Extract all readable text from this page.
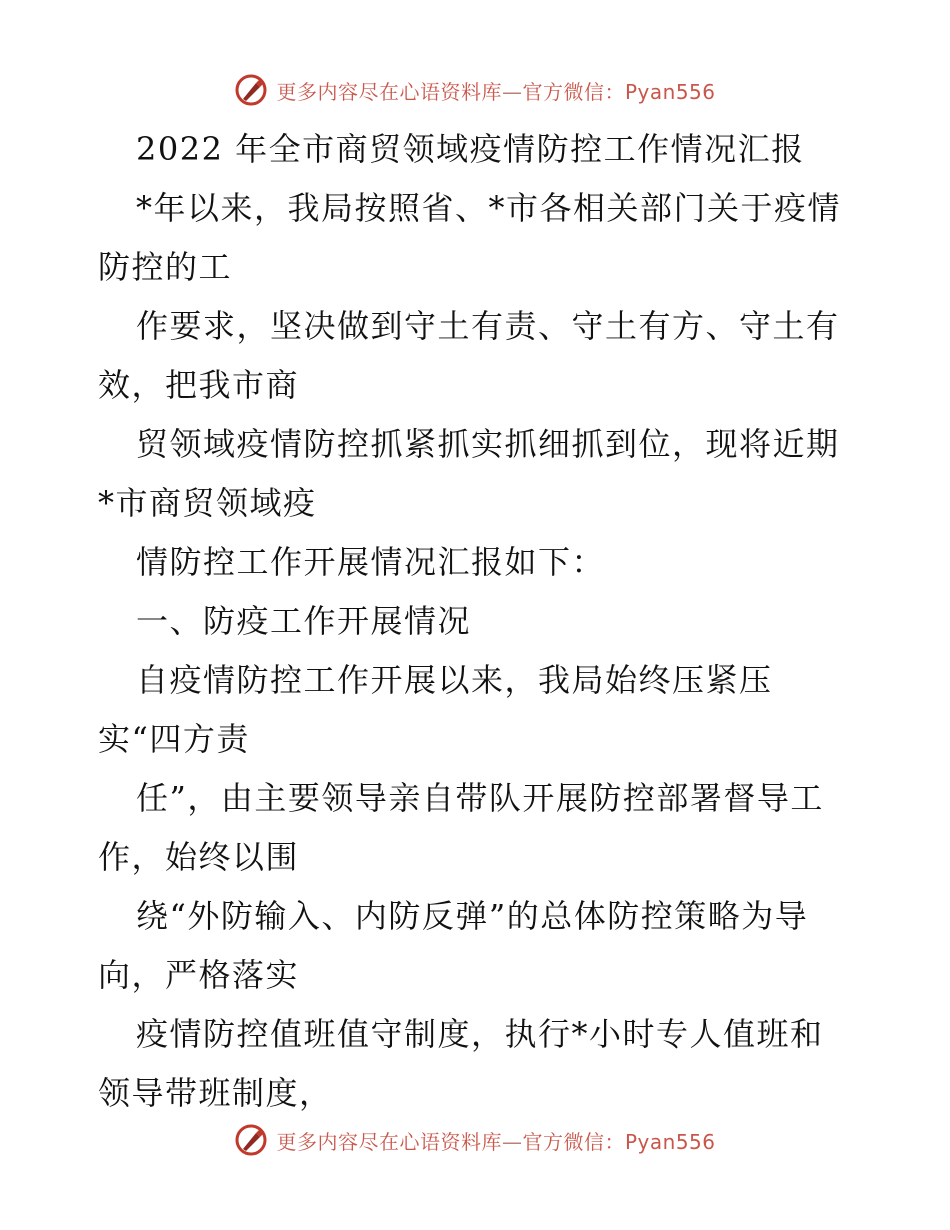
更多内容尽在心语资料库—官方微信：Pyan556
2022 年全市商贸领域疫情防控工作情况汇报
*年以来，我局按照省、*市各相关部门关于疫情
防控的工
作要求，坚决做到守土有责、守土有方、守土有
效，把我市商
贸领域疫情防控抓紧抓实抓细抓到位，现将近期
*市商贸领域疫
情防控工作开展情况汇报如下：
一、防疫工作开展情况
自疫情防控工作开展以来，我局始终压紧压
实“四方责
任”，由主要领导亲自带队开展防控部署督导工
作，始终以围
绕“外防输入、内防反弹”的总体防控策略为导
向，严格落实
疫情防控值班值守制度，执行*小时专人值班和
领导带班制度，
更多内容尽在心语资料库—官方微信：Pyan556
